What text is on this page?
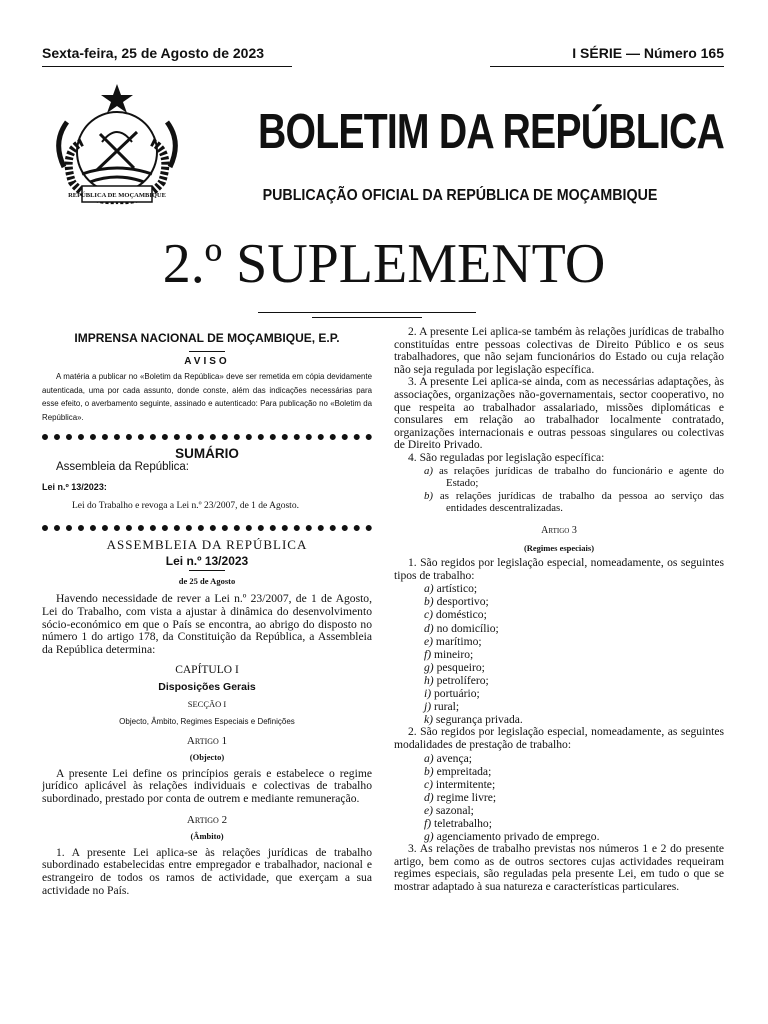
Sexta-feira, 25 de Agosto de 2023	I SÉRIE — Número 165
REPÚBLICA DE MOÇAMBIQUE
BOLETIM DA REPÚBLICA
PUBLICAÇÃO OFICIAL DA REPÚBLICA DE MOÇAMBIQUE
2.º SUPLEMENTO

IMPRENSA NACIONAL DE MOÇAMBIQUE, E.P.

AVISO

A matéria a publicar no «Boletim da República» deve ser remetida em cópia devidamente autenticada, uma por cada assunto, donde conste, além das indicações necessárias para esse efeito, o averbamento seguinte, assinado e autenticado: Para publicação no «Boletim da República».

SUMÁRIO

Assembleia da República:

Lei n.º 13/2023:

Lei do Trabalho e revoga a Lei n.º 23/2007, de 1 de Agosto.

ASSEMBLEIA DA REPÚBLICA

Lei n.º 13/2023

de 25 de Agosto

Havendo necessidade de rever a Lei n.º 23/2007, de 1 de Agosto, Lei do Trabalho, com vista a ajustar à dinâmica do desenvolvimento sócio-económico em que o País se encontra, ao abrigo do disposto no número 1 do artigo 178, da Constituição da República, a Assembleia da República determina:

CAPÍTULO I

Disposições Gerais

SECÇÃO I

Objecto, Âmbito, Regimes Especiais e Definições

Artigo 1

(Objecto)

A presente Lei define os princípios gerais e estabelece o regime jurídico aplicável às relações individuais e colectivas de trabalho subordinado, prestado por conta de outrem e mediante remuneração.

Artigo 2

(Âmbito)

1. A presente Lei aplica-se às relações jurídicas de trabalho subordinado estabelecidas entre empregador e trabalhador, nacional e estrangeiro de todos os ramos de actividade, que exerçam a sua actividade no País.

2. A presente Lei aplica-se também às relações jurídicas de trabalho constituídas entre pessoas colectivas de Direito Público e os seus trabalhadores, que não sejam funcionários do Estado ou cuja relação não seja regulada por legislação específica.

3. A presente Lei aplica-se ainda, com as necessárias adaptações, às associações, organizações não-governamentais, sector cooperativo, no que respeita ao trabalhador assalariado, missões diplomáticas e consulares em relação ao trabalhador localmente contratado, organizações internacionais e outras pessoas singulares ou colectivas de Direito Privado.

4. São reguladas por legislação específica:

a) as relações jurídicas de trabalho do funcionário e agente do Estado;

b) as relações jurídicas de trabalho da pessoa ao serviço das entidades descentralizadas.

Artigo 3

(Regimes especiais)

1. São regidos por legislação especial, nomeadamente, os seguintes tipos de trabalho:

a) artístico;

b) desportivo;

c) doméstico;

d) no domicílio;

e) marítimo;

f) mineiro;

g) pesqueiro;

h) petrolífero;

i) portuário;

j) rural;

k) segurança privada.

2. São regidos por legislação especial, nomeadamente, as seguintes modalidades de prestação de trabalho:

a) avença;

b) empreitada;

c) intermitente;

d) regime livre;

e) sazonal;

f) teletrabalho;

g) agenciamento privado de emprego.

3. As relações de trabalho previstas nos números 1 e 2 do presente artigo, bem como as de outros sectores cujas actividades requeiram regimes especiais, são reguladas pela presente Lei, em tudo o que se mostrar adaptado à sua natureza e características particulares.
